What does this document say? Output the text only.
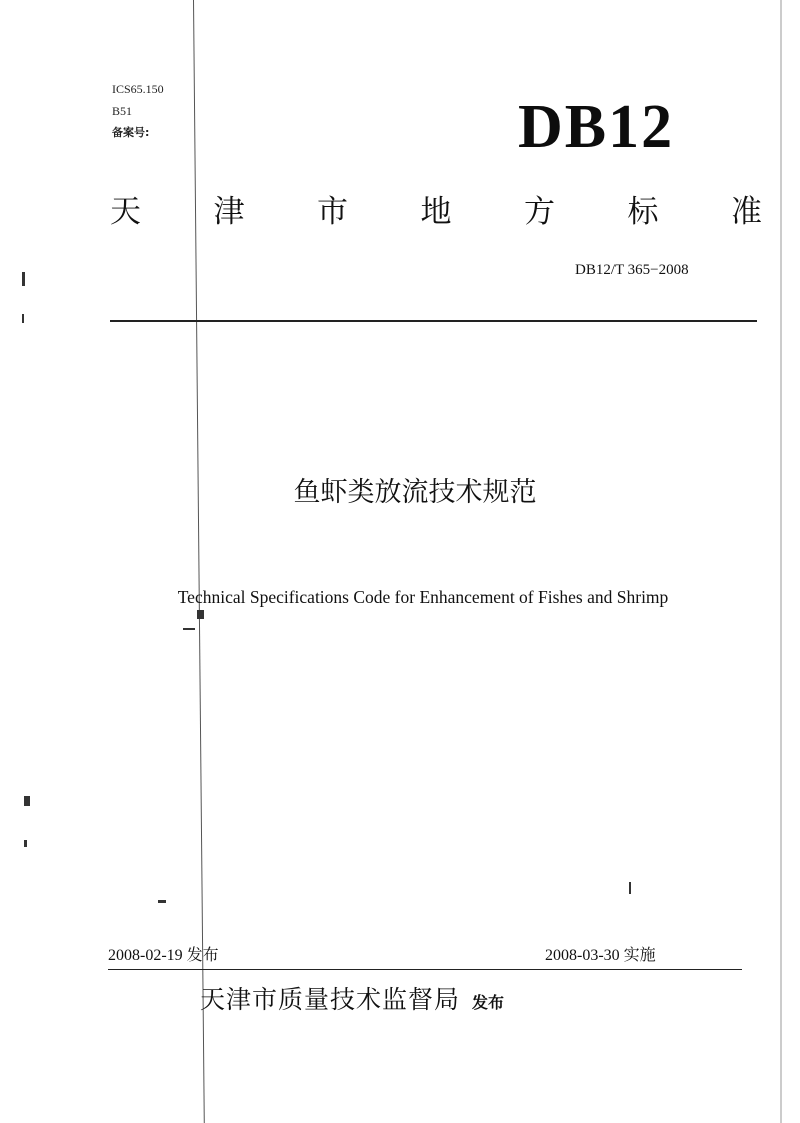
ICS65.150
B51
备案号:	DB12
天 津 市 地 方 标 准
DB12/T 365−2008
鱼虾类放流技术规范
Technical Specifications Code for Enhancement of Fishes and Shrimp
2008-02-19 发布	2008-03-30 实施
天津市质量技术监督局 发布
